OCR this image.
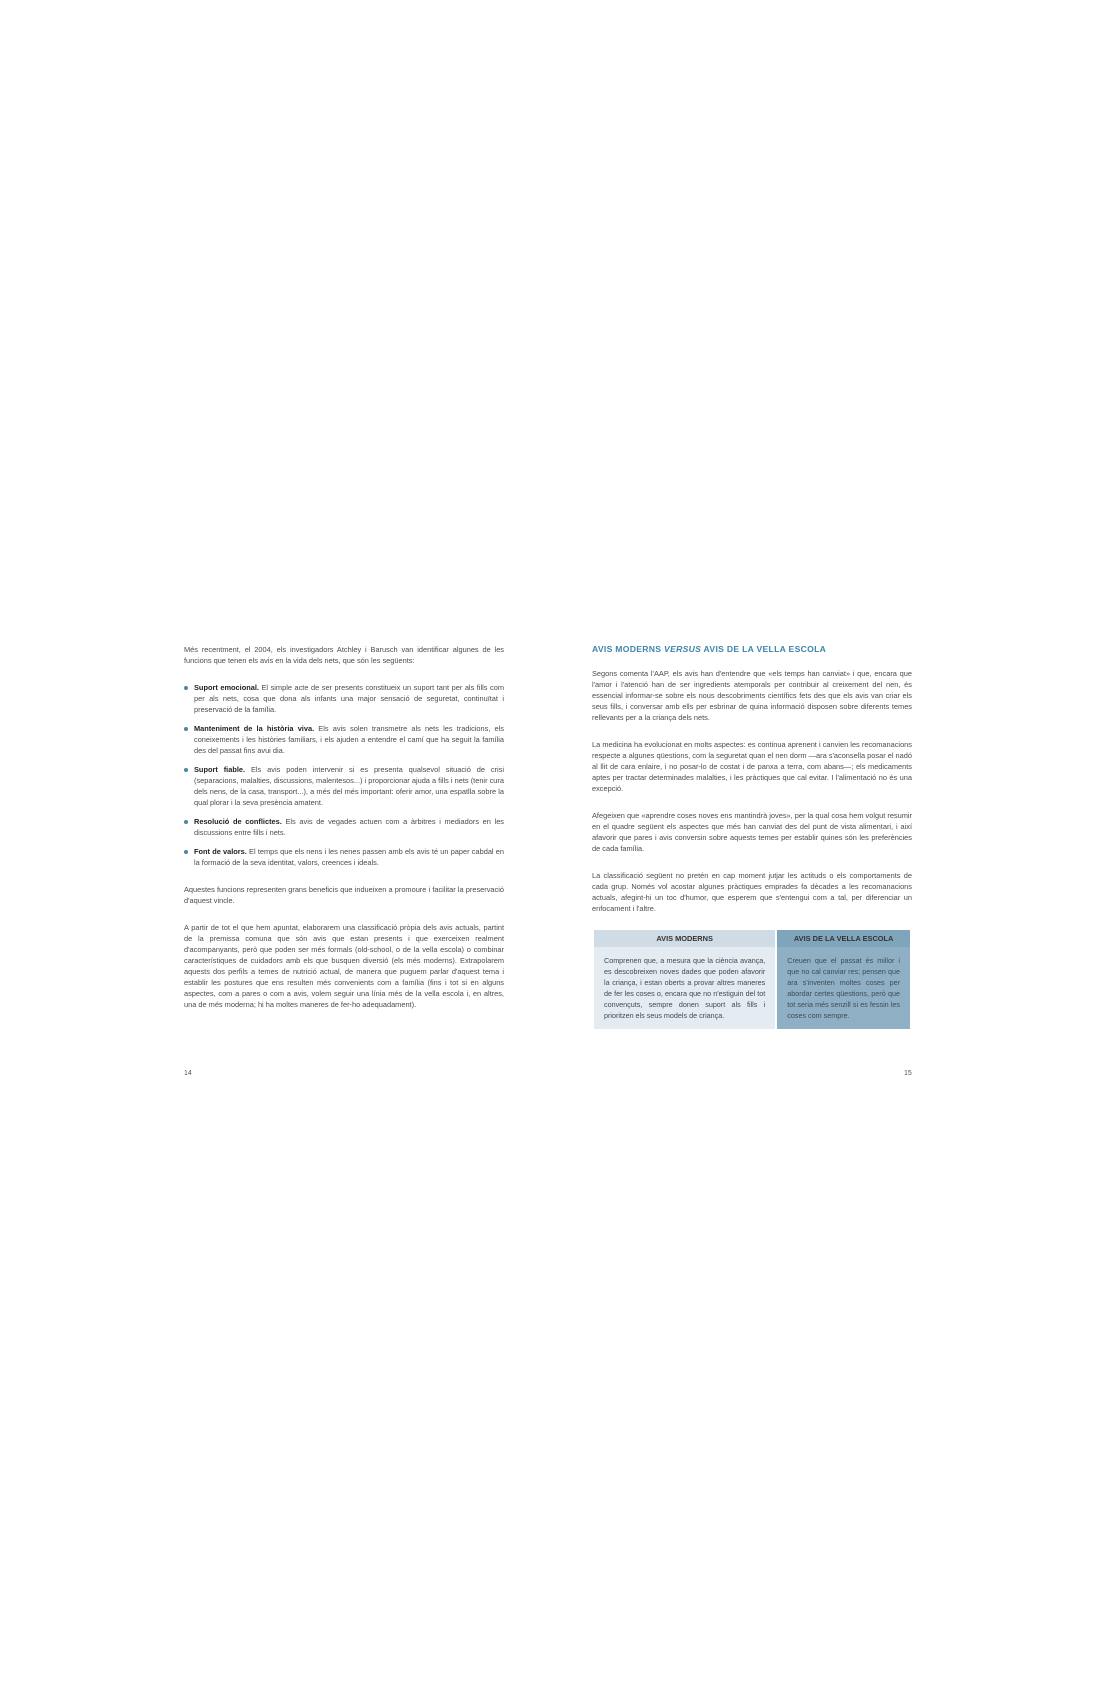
Més recentment, el 2004, els investigadors Atchley i Barusch van identificar algunes de les funcions que tenen els avis en la vida dels nets, que són les següents:

Suport emocional. El simple acte de ser presents constitueix un suport tant per als fills com per als nets, cosa que dona als infants una major sensació de seguretat, continuïtat i preservació de la família.
Manteniment de la història viva. Els avis solen transmetre als nets les tradicions, els coneixements i les històries familiars, i els ajuden a entendre el camí que ha seguit la família des del passat fins avui dia.
Suport fiable. Els avis poden intervenir si es presenta qualsevol situació de crisi (separacions, malalties, discussions, malentesos...) i proporcionar ajuda a fills i nets (tenir cura dels nens, de la casa, transport...), a més del més important: oferir amor, una espatlla sobre la qual plorar i la seva presència amatent.
Resolució de conflictes. Els avis de vegades actuen com a àrbitres i mediadors en les discussions entre fills i nets.
Font de valors. El temps que els nens i les nenes passen amb els avis té un paper cabdal en la formació de la seva identitat, valors, creences i ideals.

Aquestes funcions representen grans beneficis que indueixen a promoure i facilitar la preservació d'aquest vincle.

A partir de tot el que hem apuntat, elaborarem una classificació pròpia dels avis actuals, partint de la premissa comuna que són avis que estan presents i que exerceixen realment d'acompanyants, però que poden ser més formals (old-school, o de la vella escola) o combinar característiques de cuidadors amb els que busquen diversió (els més moderns). Extrapolarem aquests dos perfils a temes de nutrició actual, de manera que puguem parlar d'aquest tema i establir les postures que ens resulten més convenients com a família (fins i tot si en alguns aspectes, com a pares o com a avis, volem seguir una línia més de la vella escola i, en altres, una de més moderna; hi ha moltes maneres de fer-ho adequadament).

AVIS MODERNS VERSUS AVIS DE LA VELLA ESCOLA

Segons comenta l'AAP, els avis han d'entendre que «els temps han canviat» i que, encara que l'amor i l'atenció han de ser ingredients atemporals per contribuir al creixement del nen, és essencial informar-se sobre els nous descobriments científics fets des que els avis van criar els seus fills, i conversar amb ells per esbrinar de quina informació disposen sobre diferents temes rellevants per a la criança dels nets.

La medicina ha evolucionat en molts aspectes: es continua aprenent i canvien les recomanacions respecte a algunes qüestions, com la seguretat quan el nen dorm —ara s'aconsella posar el nadó al llit de cara enlaire, i no posar-lo de costat i de panxa a terra, com abans—; els medicaments aptes per tractar determinades malalties, i les pràctiques que cal evitar. I l'alimentació no és una excepció.

Afegeixen que «aprendre coses noves ens mantindrà joves», per la qual cosa hem volgut resumir en el quadre següent els aspectes que més han canviat des del punt de vista alimentari, i així afavorir que pares i avis conversin sobre aquests temes per establir quines són les preferències de cada família.

La classificació següent no pretén en cap moment jutjar les actituds o els comportaments de cada grup. Només vol acostar algunes pràctiques emprades fa dècades a les recomanacions actuals, afegint-hi un toc d'humor, que esperem que s'entengui com a tal, per diferenciar un enfocament i l'altre.

AVIS MODERNS	AVIS DE LA VELLA ESCOLA
Comprenen que, a mesura que la ciència avança, es descobreixen noves dades que poden afavorir la criança, i estan oberts a provar altres maneres de fer les coses o, encara que no n'estiguin del tot convençuts, sempre donen suport als fills i prioritzen els seus models de criança.	Creuen que el passat és millor i que no cal canviar res; pensen que ara s'inventen moltes coses per abordar certes qüestions, però que tot seria més senzill si es fessin les coses com sempre.
14	15
